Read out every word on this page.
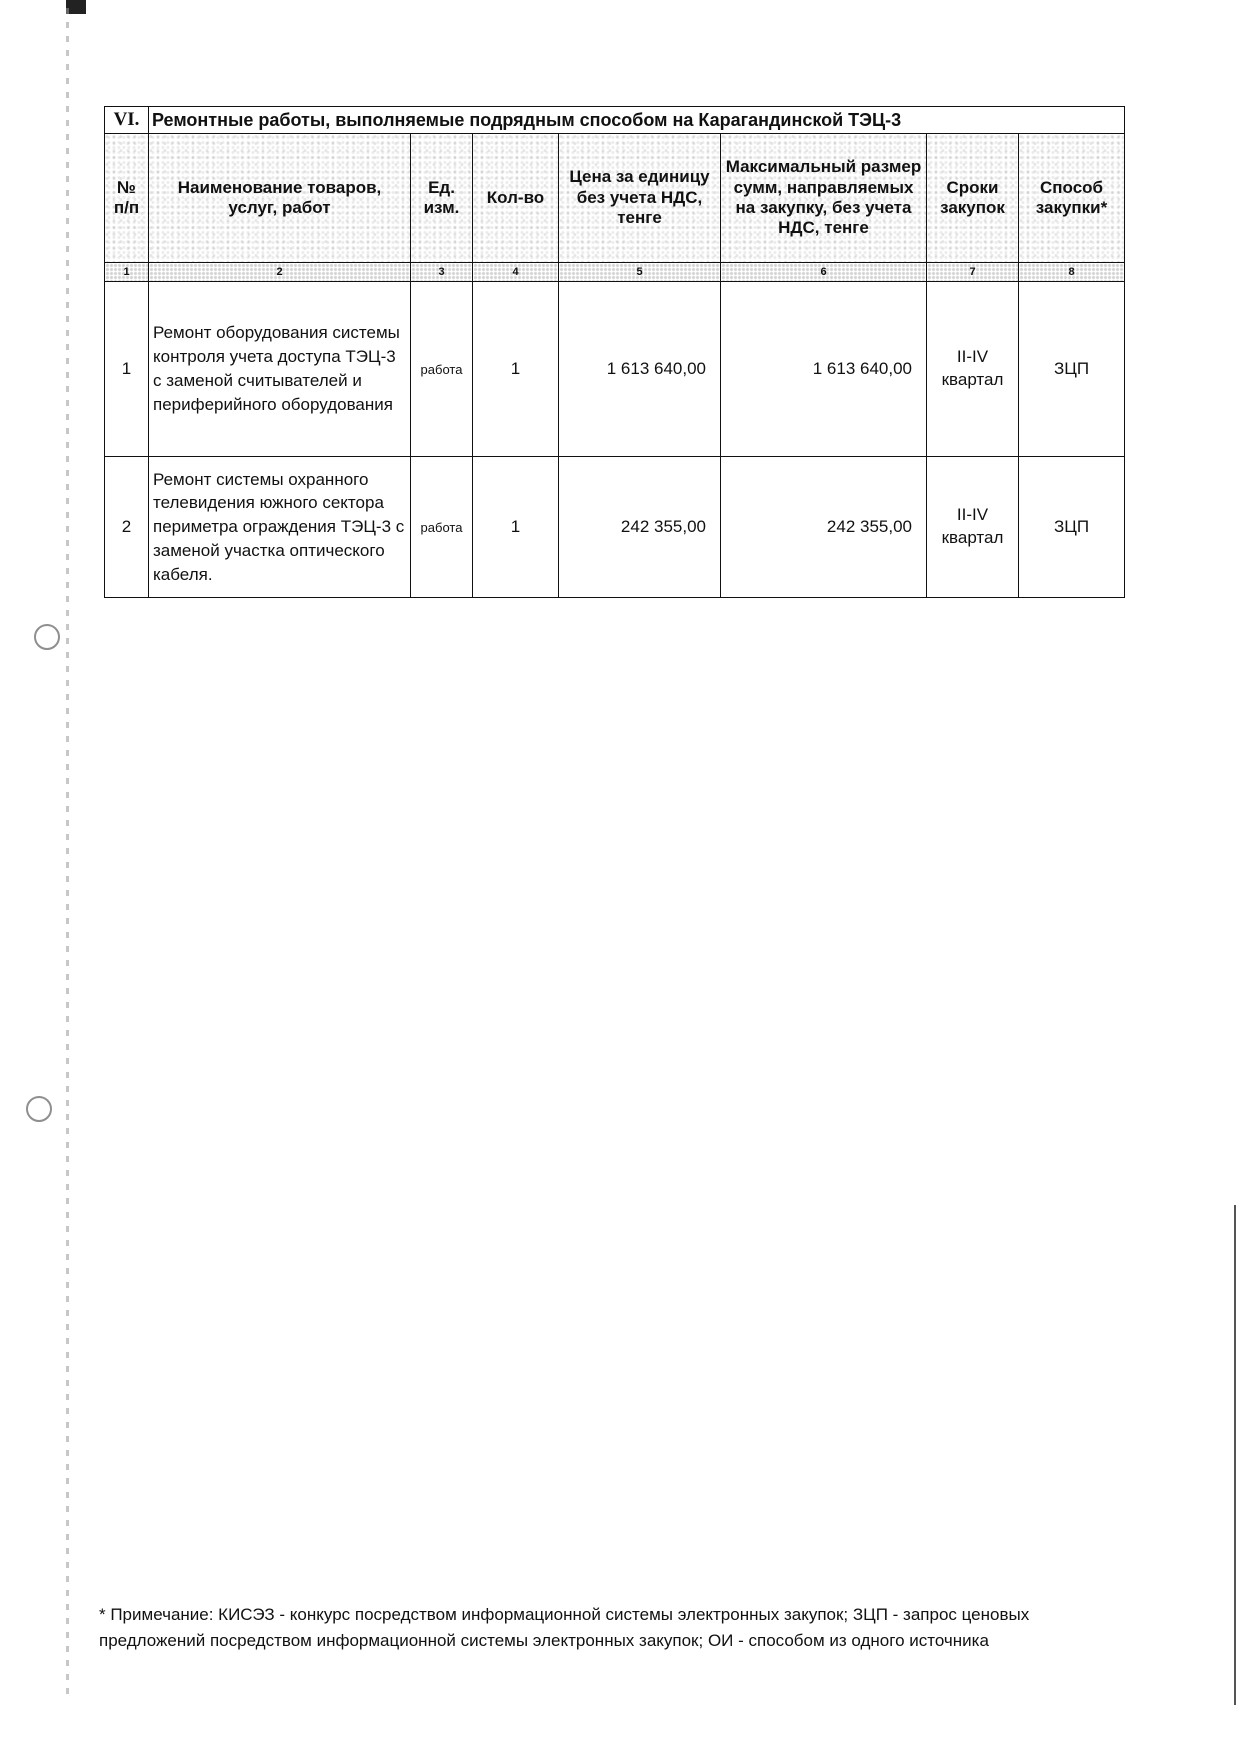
VI.	Ремонтные работы, выполняемые подрядным способом на Карагандинской ТЭЦ-3						
№ п/п	Наименование товаров, услуг, работ	Ед. изм.	Кол-во	Цена за единицу без учета НДС, тенге	Максимальный размер сумм, направляемых на закупку, без учета НДС, тенге	Сроки закупок	Способ закупки*
1	2	3	4	5	6	7	8
1	Ремонт оборудования системы контроля учета доступа ТЭЦ-3 с заменой считывателей и периферийного оборудования	работа	1	1 613 640,00	1 613 640,00	II-IV квартал	ЗЦП
2	Ремонт системы охранного телевидения южного сектора периметра ограждения ТЭЦ-3 с заменой участка оптического кабеля.	работа	1	242 355,00	242 355,00	II-IV квартал	ЗЦП
* Примечание: КИСЭЗ - конкурс посредством информационной системы электронных закупок; ЗЦП - запрос ценовых предложений посредством информационной системы электронных закупок; ОИ - способом из одного источника
